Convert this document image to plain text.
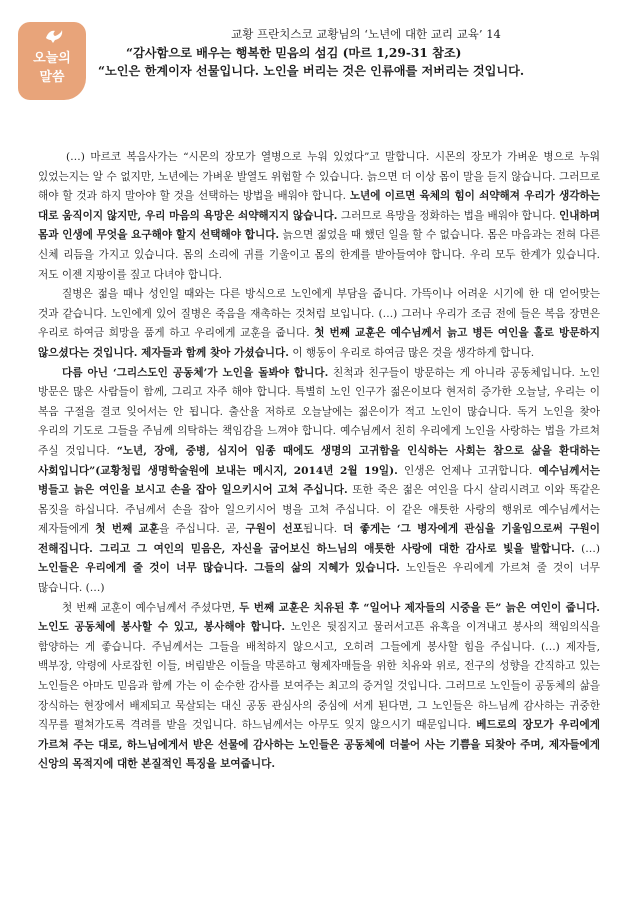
오늘의
말씀
교황 프란치스코 교황님의 ‘노년에 대한 교리 교육’ 14
“감사함으로 배우는 행복한 믿음의 섬김 (마르 1,29-31 참조)
“노인은 한계이자 선물입니다. 노인을 버리는 것은 인류애를 저버리는 것입니다.

(…) 마르코 복음사가는 “시몬의 장모가 열병으로 누워 있었다”고 말합니다. 시몬의 장모가 가벼운 병으로 누워 있었는지는 알 수 없지만, 노년에는 가벼운 발열도 위험할 수 있습니다. 늙으면 더 이상 몸이 말을 듣지 않습니다. 그러므로 해야 할 것과 하지 말아야 할 것을 선택하는 방법을 배워야 합니다. 노년에 이르면 육체의 힘이 쇠약해져 우리가 생각하는 대로 움직이지 않지만, 우리 마음의 욕망은 쇠약해지지 않습니다. 그러므로 욕망을 정화하는 법을 배워야 합니다. 인내하며 몸과 인생에 무엇을 요구해야 할지 선택해야 합니다. 늙으면 젊었을 때 했던 일을 할 수 없습니다. 몸은 마음과는 전혀 다른 신체 리듬을 가지고 있습니다. 몸의 소리에 귀를 기울이고 몸의 한계를 받아들여야 합니다. 우리 모두 한계가 있습니다. 저도 이젠 지팡이를 짚고 다녀야 합니다.

질병은 젊을 때나 성인일 때와는 다른 방식으로 노인에게 부담을 줍니다. 가뜩이나 어려운 시기에 한 대 얻어맞는 것과 같습니다. 노인에게 있어 질병은 죽음을 재촉하는 것처럼 보입니다. (…) 그러나 우리가 조금 전에 들은 복음 장면은 우리로 하여금 희망을 품게 하고 우리에게 교훈을 줍니다. 첫 번째 교훈은 예수님께서 늙고 병든 여인을 홀로 방문하지 않으셨다는 것입니다. 제자들과 함께 찾아 가셨습니다. 이 행동이 우리로 하여금 많은 것을 생각하게 합니다.

다름 아닌 ‘그리스도인 공동체’가 노인을 돌봐야 합니다. 친척과 친구들이 방문하는 게 아니라 공동체입니다. 노인 방문은 많은 사람들이 함께, 그리고 자주 해야 합니다. 특별히 노인 인구가 젊은이보다 현저히 증가한 오늘날, 우리는 이 복음 구절을 결코 잊어서는 안 됩니다. 출산율 저하로 오늘날에는 젊은이가 적고 노인이 많습니다. 독거 노인을 찾아 우리의 기도로 그들을 주님께 의탁하는 책임감을 느껴야 합니다. 예수님께서 친히 우리에게 노인을 사랑하는 법을 가르쳐 주실 것입니다. “노년, 장애, 중병, 심지어 임종 때에도 생명의 고귀함을 인식하는 사회는 참으로 삶을 환대하는 사회입니다”(교황청립 생명학술원에 보내는 메시지, 2014년 2월 19일). 인생은 언제나 고귀합니다. 예수님께서는 병들고 늙은 여인을 보시고 손을 잡아 일으키시어 고쳐 주십니다. 또한 죽은 젊은 여인을 다시 살리시려고 이와 똑같은 몸짓을 하십니다. 주님께서 손을 잡아 일으키시어 병을 고쳐 주십니다. 이 같은 애틋한 사랑의 행위로 예수님께서는 제자들에게 첫 번째 교훈을 주십니다. 곧, 구원이 선포됩니다. 더 좋게는 ‘그 병자에게 관심을 기울임으로써 구원이 전해집니다. 그리고 그 여인의 믿음은, 자신을 굽어보신 하느님의 애틋한 사랑에 대한 감사로 빛을 발합니다. (…) 노인들은 우리에게 줄 것이 너무 많습니다. 그들의 삶의 지혜가 있습니다. 노인들은 우리에게 가르쳐 줄 것이 너무 많습니다. (…)

첫 번째 교훈이 예수님께서 주셨다면, 두 번째 교훈은 치유된 후 “일어나 제자들의 시중을 든” 늙은 여인이 줍니다. 노인도 공동체에 봉사할 수 있고, 봉사해야 합니다. 노인은 뒷짐지고 물러서고픈 유혹을 이겨내고 봉사의 책임의식을 함양하는 게 좋습니다. 주님께서는 그들을 배척하지 않으시고, 오히려 그들에게 봉사할 힘을 주십니다. (…) 제자들, 백부장, 악령에 사로잡힌 이들, 버림받은 이들을 막론하고 형제자매들을 위한 치유와 위로, 전구의 성향을 간직하고 있는 노인들은 아마도 믿음과 함께 가는 이 순수한 감사를 보여주는 최고의 증거일 것입니다. 그러므로 노인들이 공동체의 삶을 장식하는 현장에서 배제되고 묵살되는 대신 공동 관심사의 중심에 서게 된다면, 그 노인들은 하느님께 감사하는 귀중한 직무를 펼쳐가도록 격려를 받을 것입니다. 하느님께서는 아무도 잊지 않으시기 때문입니다. 베드로의 장모가 우리에게 가르쳐 주는 대로, 하느님에게서 받은 선물에 감사하는 노인들은 공동체에 더불어 사는 기쁨을 되찾아 주며, 제자들에게 신앙의 목적지에 대한 본질적인 특징을 보여줍니다.
